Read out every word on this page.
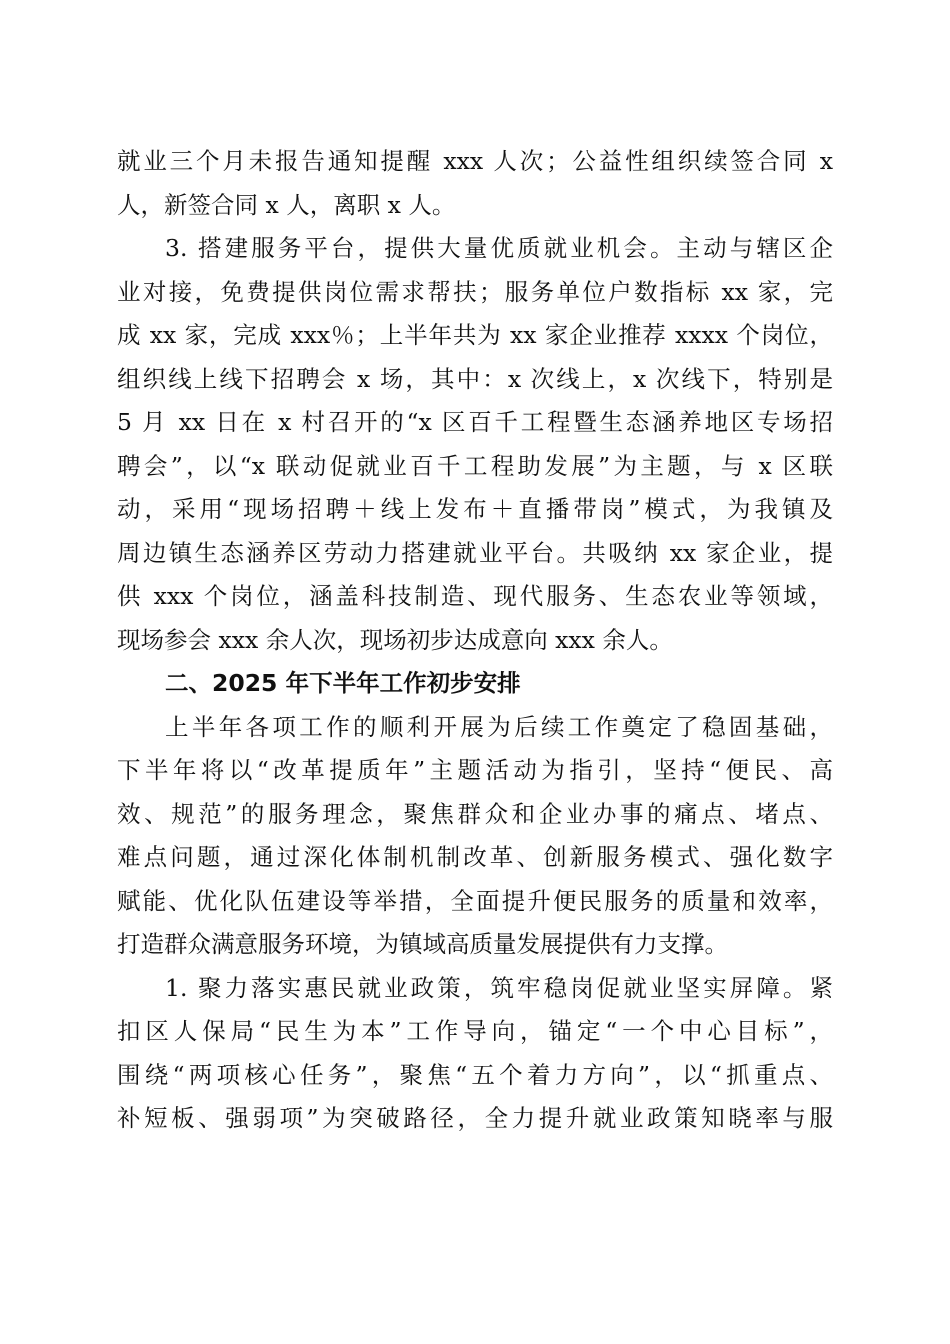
就业三个月未报告通知提醒 xxx 人次；公益性组织续签合同 x
人，新签合同 x 人，离职 x 人。
3. 搭建服务平台，提供大量优质就业机会。主动与辖区企
业对接，免费提供岗位需求帮扶；服务单位户数指标 xx 家，完
成 xx 家，完成 xxx％；上半年共为 xx 家企业推荐 xxxx 个岗位，
组织线上线下招聘会 x 场，其中：x 次线上，x 次线下，特别是
5 月 xx 日在 x 村召开的“x 区百千工程暨生态涵养地区专场招
聘会”，以“x 联动促就业百千工程助发展”为主题，与 x 区联
动，采用“现场招聘＋线上发布＋直播带岗”模式，为我镇及
周边镇生态涵养区劳动力搭建就业平台。共吸纳 xx 家企业，提
供 xxx 个岗位，涵盖科技制造、现代服务、生态农业等领域，
现场参会 xxx 余人次，现场初步达成意向 xxx 余人。
二、2025 年下半年工作初步安排
上半年各项工作的顺利开展为后续工作奠定了稳固基础，
下半年将以“改革提质年”主题活动为指引，坚持“便民、高
效、规范”的服务理念，聚焦群众和企业办事的痛点、堵点、
难点问题，通过深化体制机制改革、创新服务模式、强化数字
赋能、优化队伍建设等举措，全面提升便民服务的质量和效率，
打造群众满意服务环境，为镇域高质量发展提供有力支撑。
1. 聚力落实惠民就业政策，筑牢稳岗促就业坚实屏障。紧
扣区人保局“民生为本”工作导向，锚定“一个中心目标”，
围绕“两项核心任务”，聚焦“五个着力方向”，以“抓重点、
补短板、强弱项”为突破路径，全力提升就业政策知晓率与服
